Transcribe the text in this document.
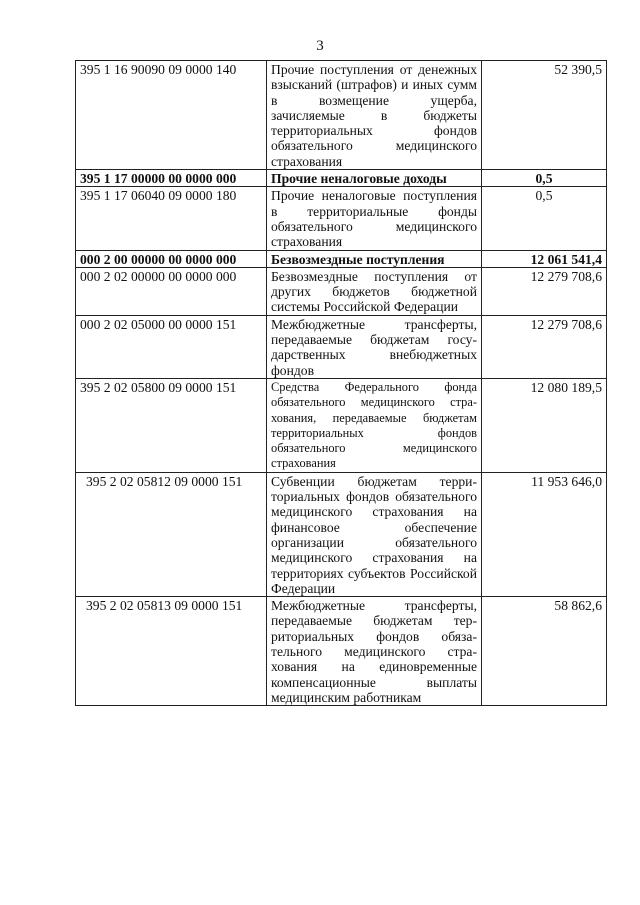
3
395 1 16 90090 09 0000 140	Прочие поступления от денежных взысканий (штрафов) и иных сумм в возмещение ущерба, зачисляемые в бюджеты территориальных фондов обязательного медицинского страхования	52 390,5
395 1 17 00000 00 0000 000	Прочие неналоговые доходы	0,5
395 1 17 06040 09 0000 180	Прочие неналоговые поступления в территориальные фонды обязательного медицинского страхования	0,5
000 2 00 00000 00 0000 000	Безвозмездные поступления	12 061 541,4
000 2 02 00000 00 0000 000	Безвозмездные поступления от других бюджетов бюджетной системы Российской Федерации	12 279 708,6
000 2 02 05000 00 0000 151	Межбюджетные трансферты, передаваемые бюджетам государственных внебюджетных фондов	12 279 708,6
395 2 02 05800 09 0000 151	Средства Федерального фонда обязательного медицинского страхования, передаваемые бюджетам территориальных фондов обязательного медицинского страхования	12 080 189,5
395 2 02 05812 09 0000 151	Субвенции бюджетам территориальных фондов обязательного медицинского страхования на финансовое обеспечение организации обязательного медицинского страхования на территориях субъектов Российской Федерации	11 953 646,0
395 2 02 05813 09 0000 151	Межбюджетные трансферты, передаваемые бюджетам территориальных фондов обязательного медицинского страхования на единовременные компенсационные выплаты медицинским работникам	58 862,6
